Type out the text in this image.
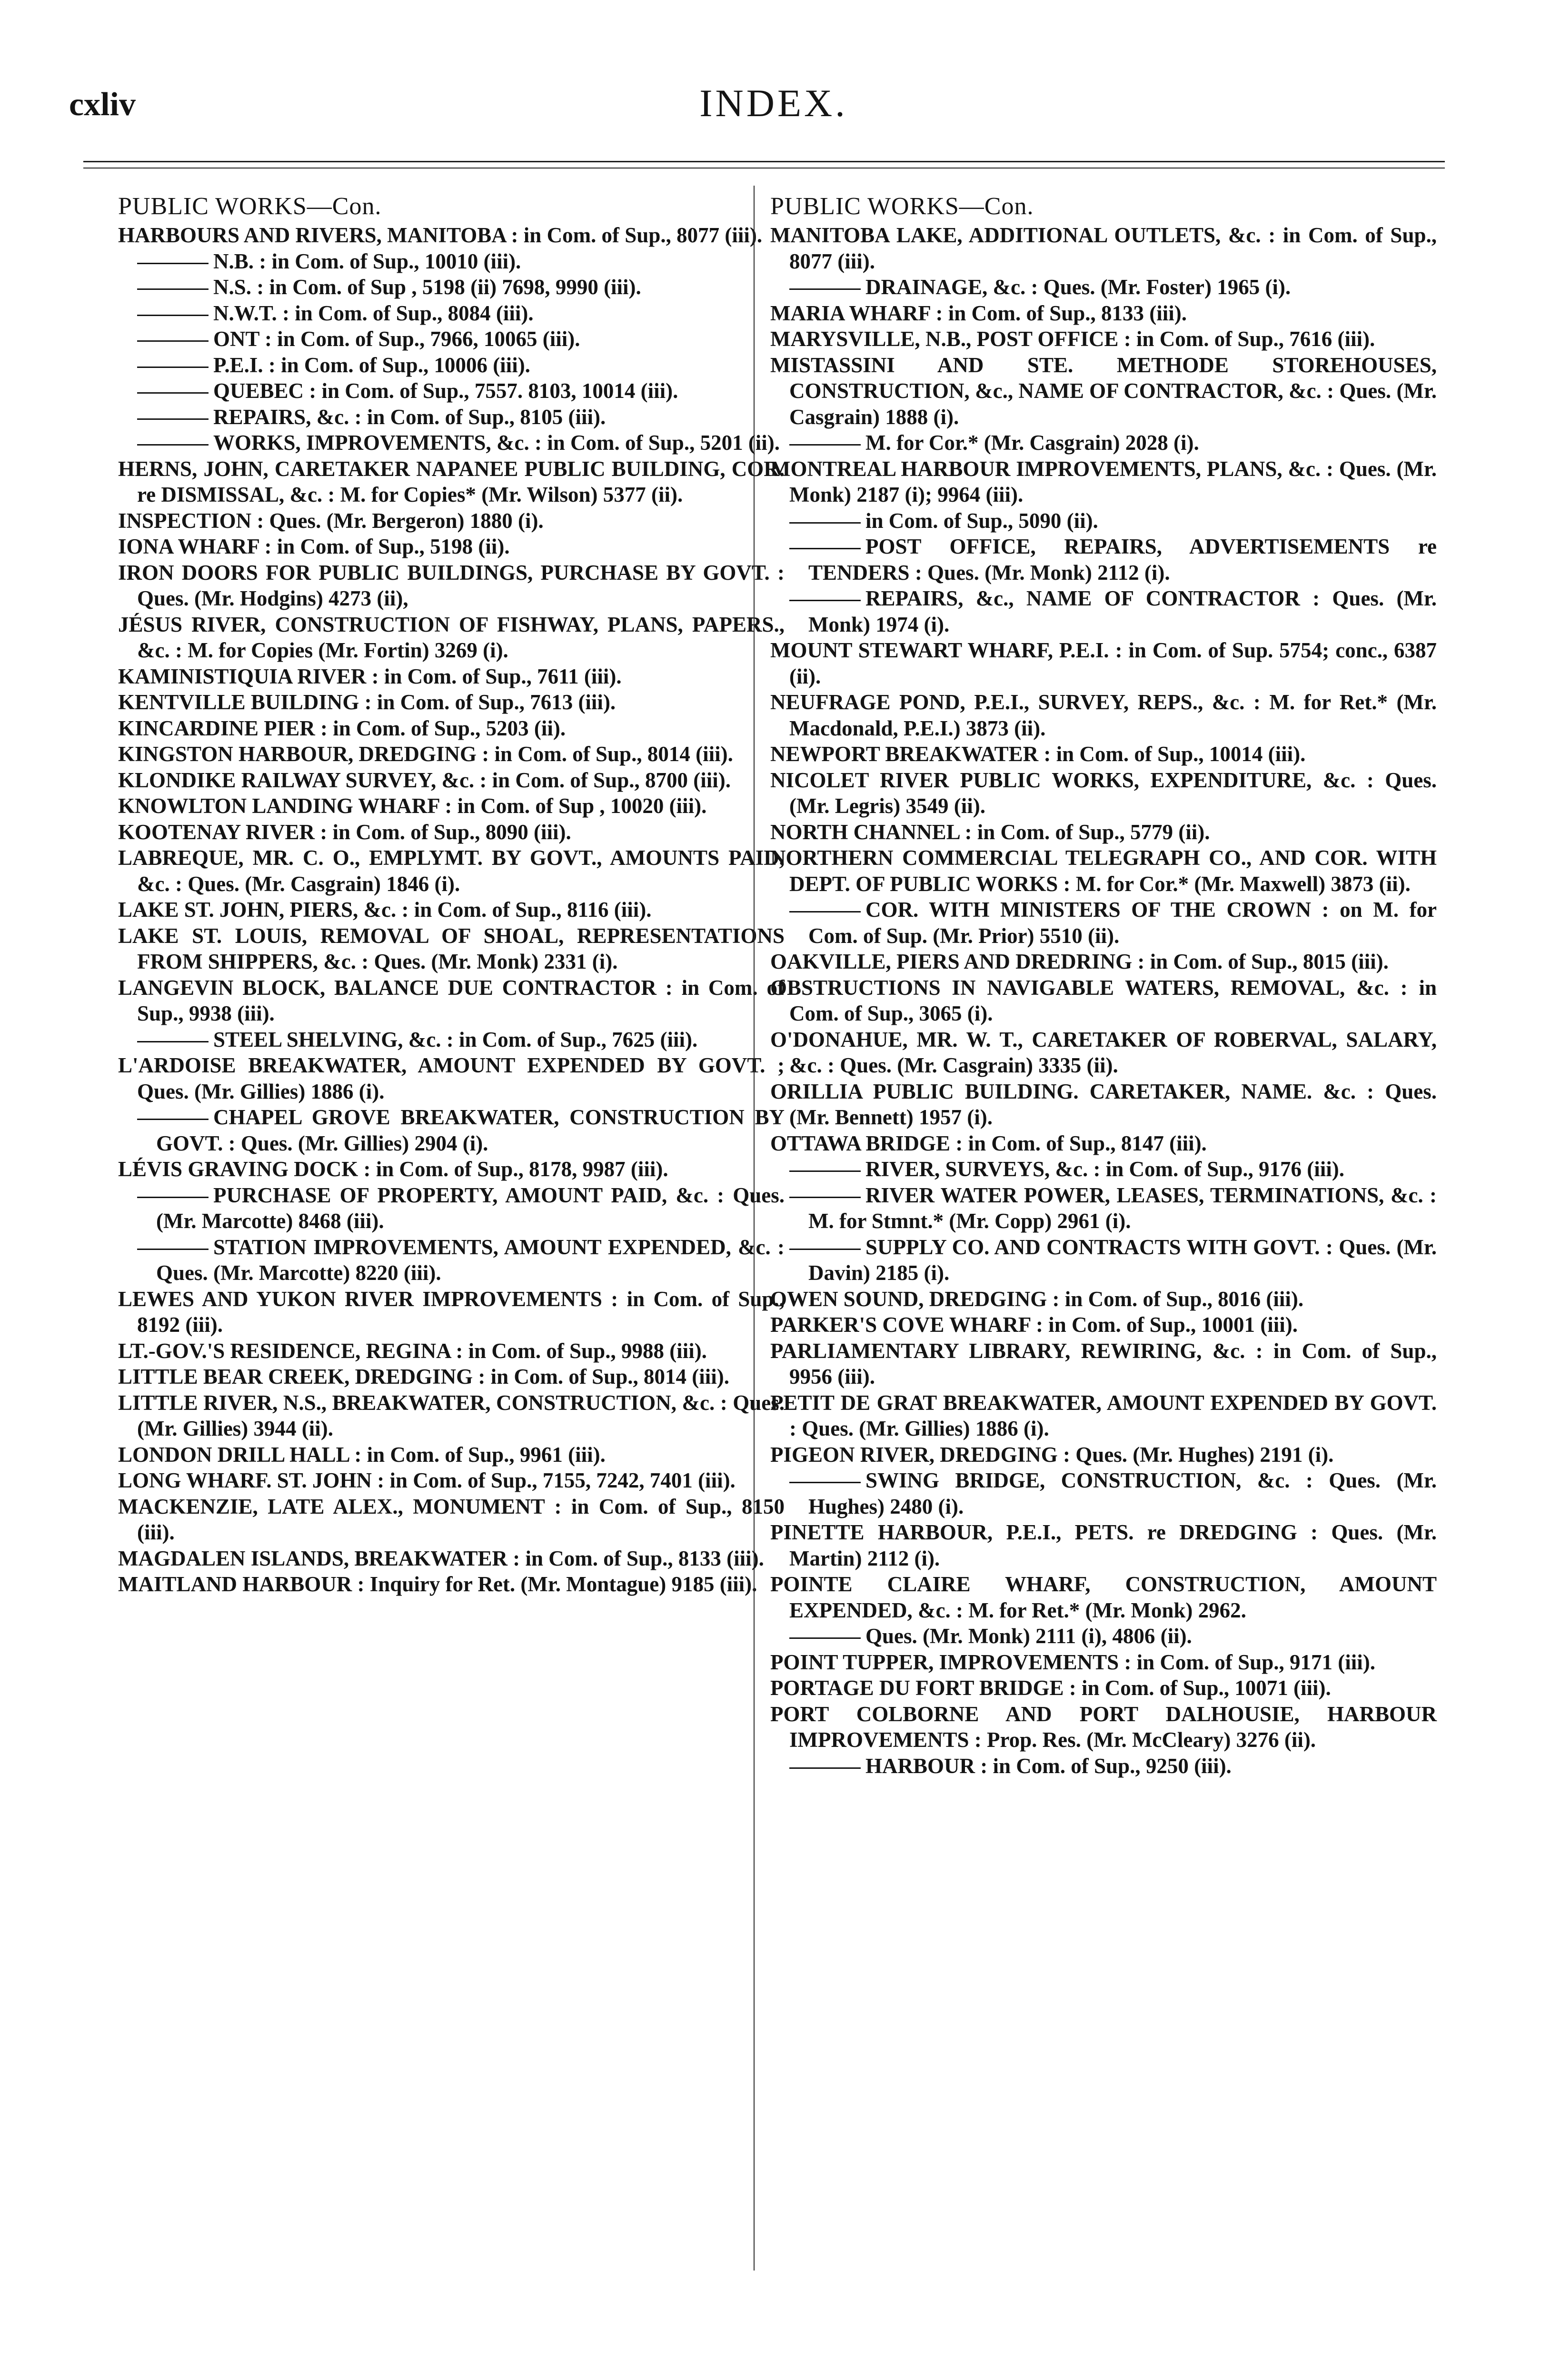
cxliv	INDEX.
PUBLIC WORKS—Con.
HARBOURS AND RIVERS, MANITOBA : in Com. of Sup., 8077 (iii).
N.B. : in Com. of Sup., 10010 (iii).
N.S. : in Com. of Sup , 5198 (ii) 7698, 9990 (iii).
N.W.T. : in Com. of Sup., 8084 (iii).
ONT : in Com. of Sup., 7966, 10065 (iii).
P.E.I. : in Com. of Sup., 10006 (iii).
QUEBEC : in Com. of Sup., 7557. 8103, 10014 (iii).
REPAIRS, &c. : in Com. of Sup., 8105 (iii).
WORKS, IMPROVEMENTS, &c. : in Com. of Sup., 5201 (ii).
HERNS, JOHN, CARETAKER NAPANEE PUBLIC BUILDING, COR. re DISMISSAL, &c. : M. for Copies* (Mr. Wilson) 5377 (ii).
INSPECTION : Ques. (Mr. Bergeron) 1880 (i).
IONA WHARF : in Com. of Sup., 5198 (ii).
IRON DOORS FOR PUBLIC BUILDINGS, PURCHASE BY GOVT. : Ques. (Mr. Hodgins) 4273 (ii),
JÉSUS RIVER, CONSTRUCTION OF FISHWAY, PLANS, PAPERS., &c. : M. for Copies (Mr. Fortin) 3269 (i).
KAMINISTIQUIA RIVER : in Com. of Sup., 7611 (iii).
KENTVILLE BUILDING : in Com. of Sup., 7613 (iii).
KINCARDINE PIER : in Com. of Sup., 5203 (ii).
KINGSTON HARBOUR, DREDGING : in Com. of Sup., 8014 (iii).
KLONDIKE RAILWAY SURVEY, &c. : in Com. of Sup., 8700 (iii).
KNOWLTON LANDING WHARF : in Com. of Sup , 10020 (iii).
KOOTENAY RIVER : in Com. of Sup., 8090 (iii).
LABREQUE, MR. C. O., EMPLYMT. BY GOVT., AMOUNTS PAID, &c. : Ques. (Mr. Casgrain) 1846 (i).
LAKE ST. JOHN, PIERS, &c. : in Com. of Sup., 8116 (iii).
LAKE ST. LOUIS, REMOVAL OF SHOAL, REPRESENTATIONS FROM SHIPPERS, &c. : Ques. (Mr. Monk) 2331 (i).
LANGEVIN BLOCK, BALANCE DUE CONTRACTOR : in Com. of Sup., 9938 (iii).
STEEL SHELVING, &c. : in Com. of Sup., 7625 (iii).
L'ARDOISE BREAKWATER, AMOUNT EXPENDED BY GOVT. ; Ques. (Mr. Gillies) 1886 (i).
CHAPEL GROVE BREAKWATER, CONSTRUCTION BY GOVT. : Ques. (Mr. Gillies) 2904 (i).
LÉVIS GRAVING DOCK : in Com. of Sup., 8178, 9987 (iii).
PURCHASE OF PROPERTY, AMOUNT PAID, &c. : Ques. (Mr. Marcotte) 8468 (iii).
STATION IMPROVEMENTS, AMOUNT EXPENDED, &c. : Ques. (Mr. Marcotte) 8220 (iii).
LEWES AND YUKON RIVER IMPROVEMENTS : in Com. of Sup., 8192 (iii).
LT.-GOV.'S RESIDENCE, REGINA : in Com. of Sup., 9988 (iii).
LITTLE BEAR CREEK, DREDGING : in Com. of Sup., 8014 (iii).
LITTLE RIVER, N.S., BREAKWATER, CONSTRUCTION, &c. : Ques. (Mr. Gillies) 3944 (ii).
LONDON DRILL HALL : in Com. of Sup., 9961 (iii).
LONG WHARF. ST. JOHN : in Com. of Sup., 7155, 7242, 7401 (iii).
MACKENZIE, LATE ALEX., MONUMENT : in Com. of Sup., 8150 (iii).
MAGDALEN ISLANDS, BREAKWATER : in Com. of Sup., 8133 (iii).
MAITLAND HARBOUR : Inquiry for Ret. (Mr. Montague) 9185 (iii).
PUBLIC WORKS—Con.
MANITOBA LAKE, ADDITIONAL OUTLETS, &c. : in Com. of Sup., 8077 (iii).
DRAINAGE, &c. : Ques. (Mr. Foster) 1965 (i).
MARIA WHARF : in Com. of Sup., 8133 (iii).
MARYSVILLE, N.B., POST OFFICE : in Com. of Sup., 7616 (iii).
MISTASSINI AND STE. METHODE STOREHOUSES, CONSTRUCTION, &c., NAME OF CONTRACTOR, &c. : Ques. (Mr. Casgrain) 1888 (i).
M. for Cor.* (Mr. Casgrain) 2028 (i).
MONTREAL HARBOUR IMPROVEMENTS, PLANS, &c. : Ques. (Mr. Monk) 2187 (i); 9964 (iii).
in Com. of Sup., 5090 (ii).
POST OFFICE, REPAIRS, ADVERTISEMENTS re TENDERS : Ques. (Mr. Monk) 2112 (i).
REPAIRS, &c., NAME OF CONTRACTOR : Ques. (Mr. Monk) 1974 (i).
MOUNT STEWART WHARF, P.E.I. : in Com. of Sup. 5754; conc., 6387 (ii).
NEUFRAGE POND, P.E.I., SURVEY, REPS., &c. : M. for Ret.* (Mr. Macdonald, P.E.I.) 3873 (ii).
NEWPORT BREAKWATER : in Com. of Sup., 10014 (iii).
NICOLET RIVER PUBLIC WORKS, EXPENDITURE, &c. : Ques. (Mr. Legris) 3549 (ii).
NORTH CHANNEL : in Com. of Sup., 5779 (ii).
NORTHERN COMMERCIAL TELEGRAPH CO., AND COR. WITH DEPT. OF PUBLIC WORKS : M. for Cor.* (Mr. Maxwell) 3873 (ii).
COR. WITH MINISTERS OF THE CROWN : on M. for Com. of Sup. (Mr. Prior) 5510 (ii).
OAKVILLE, PIERS AND DREDRING : in Com. of Sup., 8015 (iii).
OBSTRUCTIONS IN NAVIGABLE WATERS, REMOVAL, &c. : in Com. of Sup., 3065 (i).
O'DONAHUE, MR. W. T., CARETAKER OF ROBERVAL, SALARY, &c. : Ques. (Mr. Casgrain) 3335 (ii).
ORILLIA PUBLIC BUILDING. CARETAKER, NAME. &c. : Ques. (Mr. Bennett) 1957 (i).
OTTAWA BRIDGE : in Com. of Sup., 8147 (iii).
RIVER, SURVEYS, &c. : in Com. of Sup., 9176 (iii).
RIVER WATER POWER, LEASES, TERMINATIONS, &c. : M. for Stmnt.* (Mr. Copp) 2961 (i).
SUPPLY CO. AND CONTRACTS WITH GOVT. : Ques. (Mr. Davin) 2185 (i).
OWEN SOUND, DREDGING : in Com. of Sup., 8016 (iii).
PARKER'S COVE WHARF : in Com. of Sup., 10001 (iii).
PARLIAMENTARY LIBRARY, REWIRING, &c. : in Com. of Sup., 9956 (iii).
PETIT DE GRAT BREAKWATER, AMOUNT EXPENDED BY GOVT. : Ques. (Mr. Gillies) 1886 (i).
PIGEON RIVER, DREDGING : Ques. (Mr. Hughes) 2191 (i).
SWING BRIDGE, CONSTRUCTION, &c. : Ques. (Mr. Hughes) 2480 (i).
PINETTE HARBOUR, P.E.I., PETS. re DREDGING : Ques. (Mr. Martin) 2112 (i).
POINTE CLAIRE WHARF, CONSTRUCTION, AMOUNT EXPENDED, &c. : M. for Ret.* (Mr. Monk) 2962.
Ques. (Mr. Monk) 2111 (i), 4806 (ii).
POINT TUPPER, IMPROVEMENTS : in Com. of Sup., 9171 (iii).
PORTAGE DU FORT BRIDGE : in Com. of Sup., 10071 (iii).
PORT COLBORNE AND PORT DALHOUSIE, HARBOUR IMPROVEMENTS : Prop. Res. (Mr. McCleary) 3276 (ii).
HARBOUR : in Com. of Sup., 9250 (iii).
